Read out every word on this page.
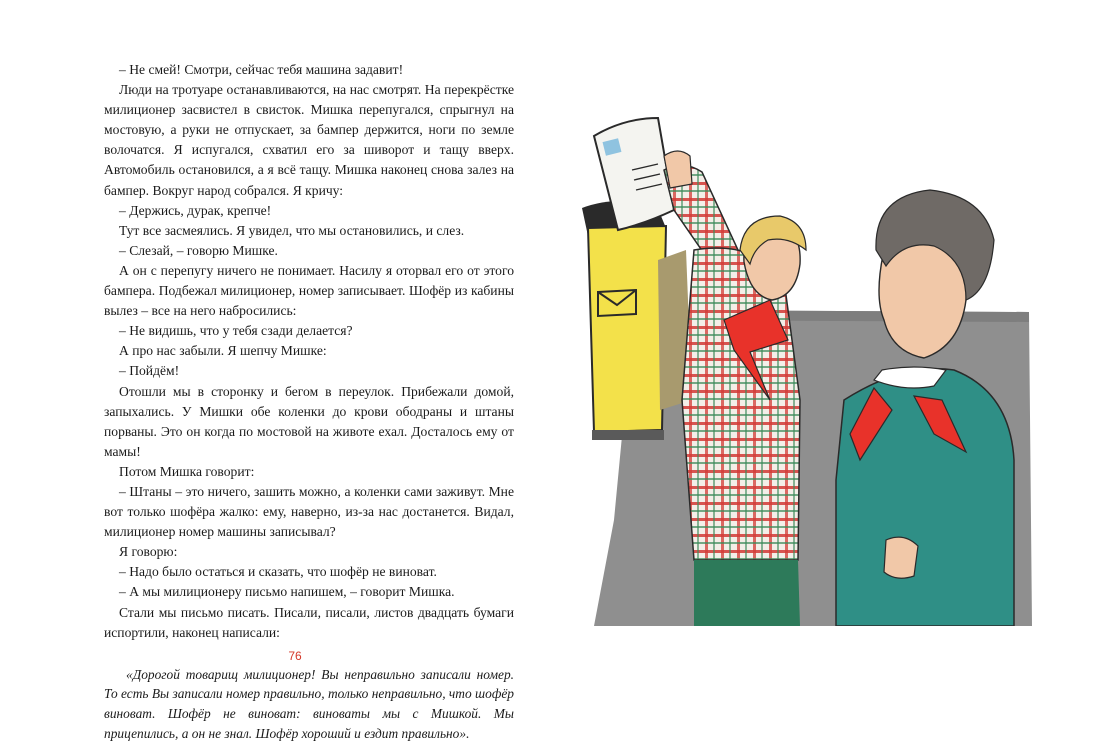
– Не смей! Смотри, сейчас тебя машина задавит!

Люди на тротуаре останавливаются, на нас смотрят. На перекрёстке милиционер засвистел в свисток. Мишка перепугался, спрыгнул на мостовую, а руки не отпускает, за бампер держится, ноги по земле волочатся. Я испугался, схватил его за шиворот и тащу вверх. Автомобиль остановился, а я всё тащу. Мишка наконец снова залез на бампер. Вокруг народ собрался. Я кричу:

– Держись, дурак, крепче!

Тут все засмеялись. Я увидел, что мы остановились, и слез.

– Слезай, – говорю Мишке.

А он с перепугу ничего не понимает. Насилу я оторвал его от этого бампера. Подбежал милиционер, номер записывает. Шофёр из кабины вылез – все на него набросились:

– Не видишь, что у тебя сзади делается?

А про нас забыли. Я шепчу Мишке:

– Пойдём!

Отошли мы в сторонку и бегом в переулок. Прибежали домой, запыхались. У Мишки обе коленки до крови ободраны и штаны порваны. Это он когда по мостовой на животе ехал. Досталось ему от мамы!

Потом Мишка говорит:

– Штаны – это ничего, зашить можно, а коленки сами заживут. Мне вот только шофёра жалко: ему, наверно, из-за нас достанется. Видал, милиционер номер машины записывал?

Я говорю:

– Надо было остаться и сказать, что шофёр не виноват.

– А мы милиционеру письмо напишем, – говорит Мишка.

Стали мы письмо писать. Писали, писали, листов двадцать бумаги испортили, наконец написали:

«Дорогой товарищ милиционер! Вы неправильно записали номер. То есть Вы записали номер правильно, только неправильно, что шофёр виноват. Шофёр не виноват: виноваты мы с Мишкой. Мы прицепились, а он не знал. Шофёр хороший и ездит правильно».

76
